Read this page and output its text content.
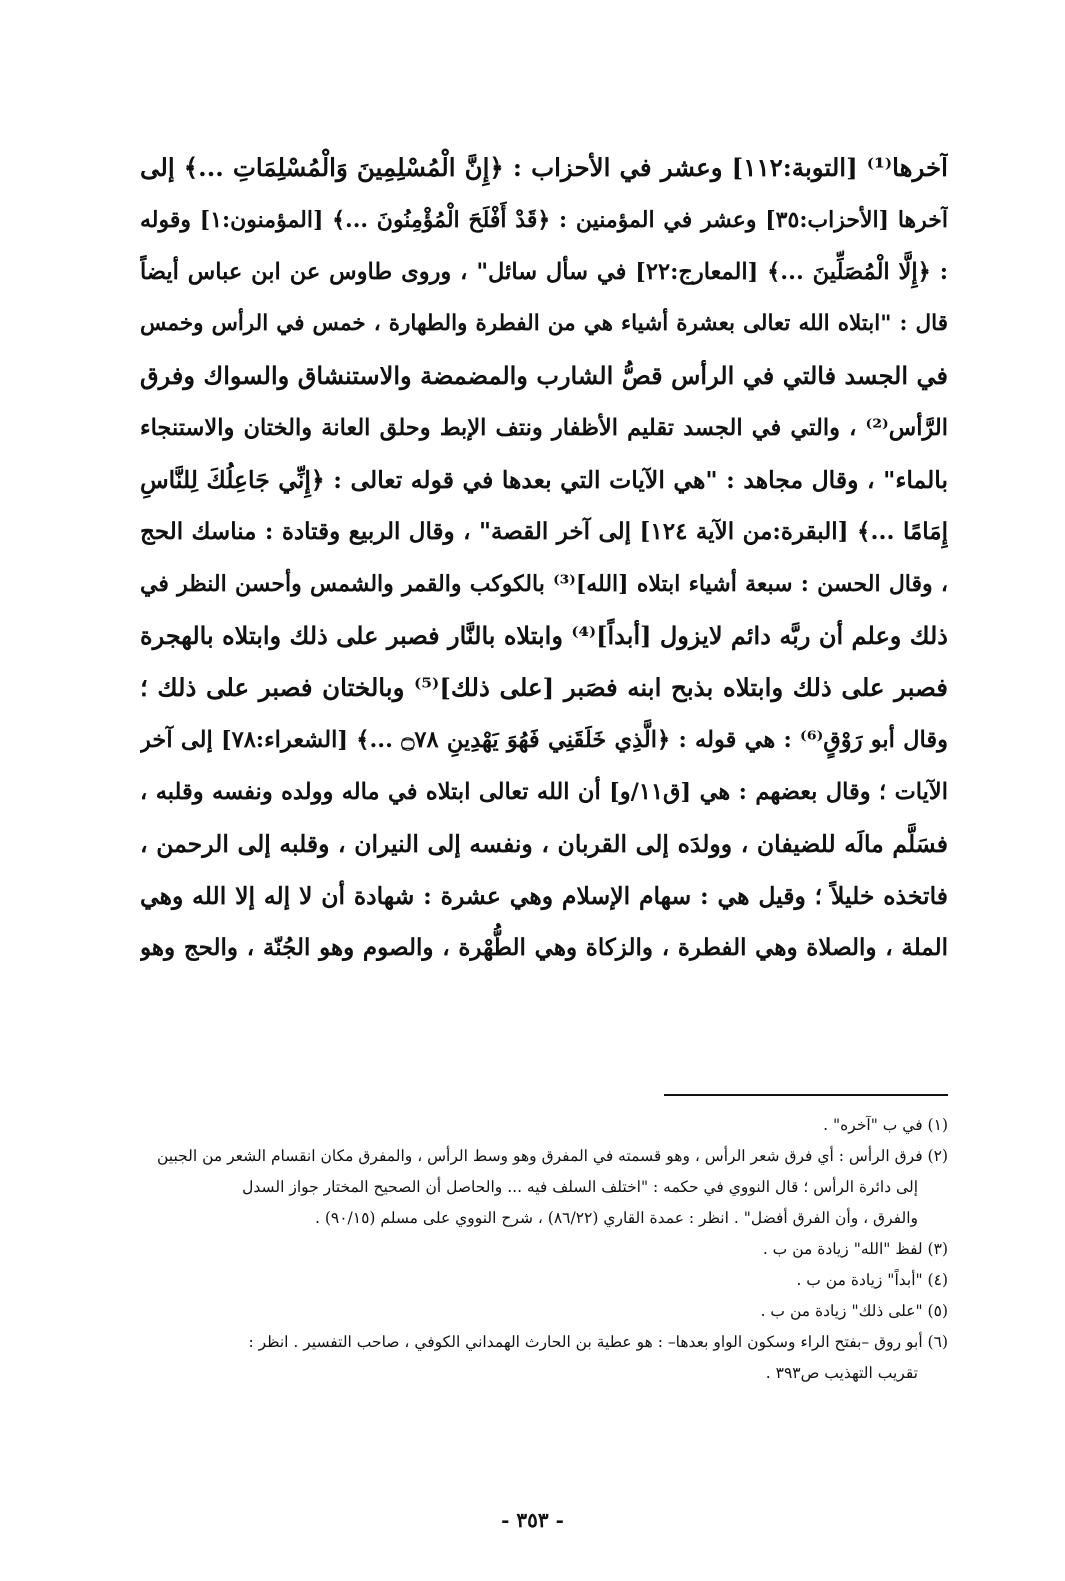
آخرها⁽¹⁾ [التوبة:١١٢] وعشر في الأحزاب : ﴿إِنَّ الْمُسْلِمِينَ وَالْمُسْلِمَاتِ ...﴾ إلى
آخرها [الأحزاب:٣٥] وعشر في المؤمنين : ﴿قَدْ أَفْلَحَ الْمُؤْمِنُونَ ...﴾ [المؤمنون:١] وقوله
: ﴿إِلَّا الْمُصَلِّينَ ...﴾ [المعارج:٢٢] في سأل سائل" ، وروى طاوس عن ابن عباس أيضاً
قال : "ابتلاه الله تعالى بعشرة أشياء هي من الفطرة والطهارة ، خمس في الرأس وخمس
في الجسد فالتي في الرأس قصُّ الشارب والمضمضة والاستنشاق والسواك وفرق
الرَّأس⁽²⁾ ، والتي في الجسد تقليم الأظفار ونتف الإبط وحلق العانة والختان والاستنجاء
بالماء" ، وقال مجاهد : "هي الآيات التي بعدها في قوله تعالى : ﴿إِنِّي جَاعِلُكَ لِلنَّاسِ
إِمَامًا ...﴾ [البقرة:من الآية ١٢٤] إلى آخر القصة" ، وقال الربيع وقتادة : مناسك الحج
، وقال الحسن : سبعة أشياء ابتلاه [الله]⁽³⁾ بالكوكب والقمر والشمس وأحسن النظر في
ذلك وعلم أن ربَّه دائم لايزول [أبداً]⁽⁴⁾ وابتلاه بالنَّار فصبر على ذلك وابتلاه بالهجرة
فصبر على ذلك وابتلاه بذبح ابنه فصَبر [على ذلك]⁽⁵⁾ وبالختان فصبر على ذلك ؛
وقال أبو رَوْقٍ⁽⁶⁾ : هي قوله : ﴿الَّذِي خَلَقَنِي فَهُوَ يَهْدِينِ ۝٧٨ ...﴾ [الشعراء:٧٨] إلى آخر
الآيات ؛ وقال بعضهم : هي [ق١١/و] أن الله تعالى ابتلاه في ماله وولده ونفسه وقلبه ،
فسَلَّم مالَه للضيفان ، وولدَه إلى القربان ، ونفسه إلى النيران ، وقلبه إلى الرحمن ،
فاتخذه خليلاً ؛ وقيل هي : سهام الإسلام وهي عشرة : شهادة أن لا إله إلا الله وهي
الملة ، والصلاة وهي الفطرة ، والزكاة وهي الطُّهْرة ، والصوم وهو الجُنّة ، والحج وهو
(١) في ب "آخره" .
(٢) فرق الرأس : أي فرق شعر الرأس ، وهو قسمته في المفرق وهو وسط الرأس ، والمفرق مكان انقسام الشعر من الجبين
إلى دائرة الرأس ؛ قال النووي في حكمه : "اختلف السلف فيه ... والحاصل أن الصحيح المختار جواز السدل
والفرق ، وأن الفرق أفضل" . انظر : عمدة القاري (٨٦/٢٢) ، شرح النووي على مسلم (٩٠/١٥) .
(٣) لفظ "الله" زيادة من ب .
(٤) "أبداً" زيادة من ب .
(٥) "على ذلك" زيادة من ب .
(٦) أبو روق –بفتح الراء وسكون الواو بعدها– : هو عطية بن الحارث الهمداني الكوفي ، صاحب التفسير . انظر :
تقريب التهذيب ص٣٩٣ .
- ٣٥٣ -
